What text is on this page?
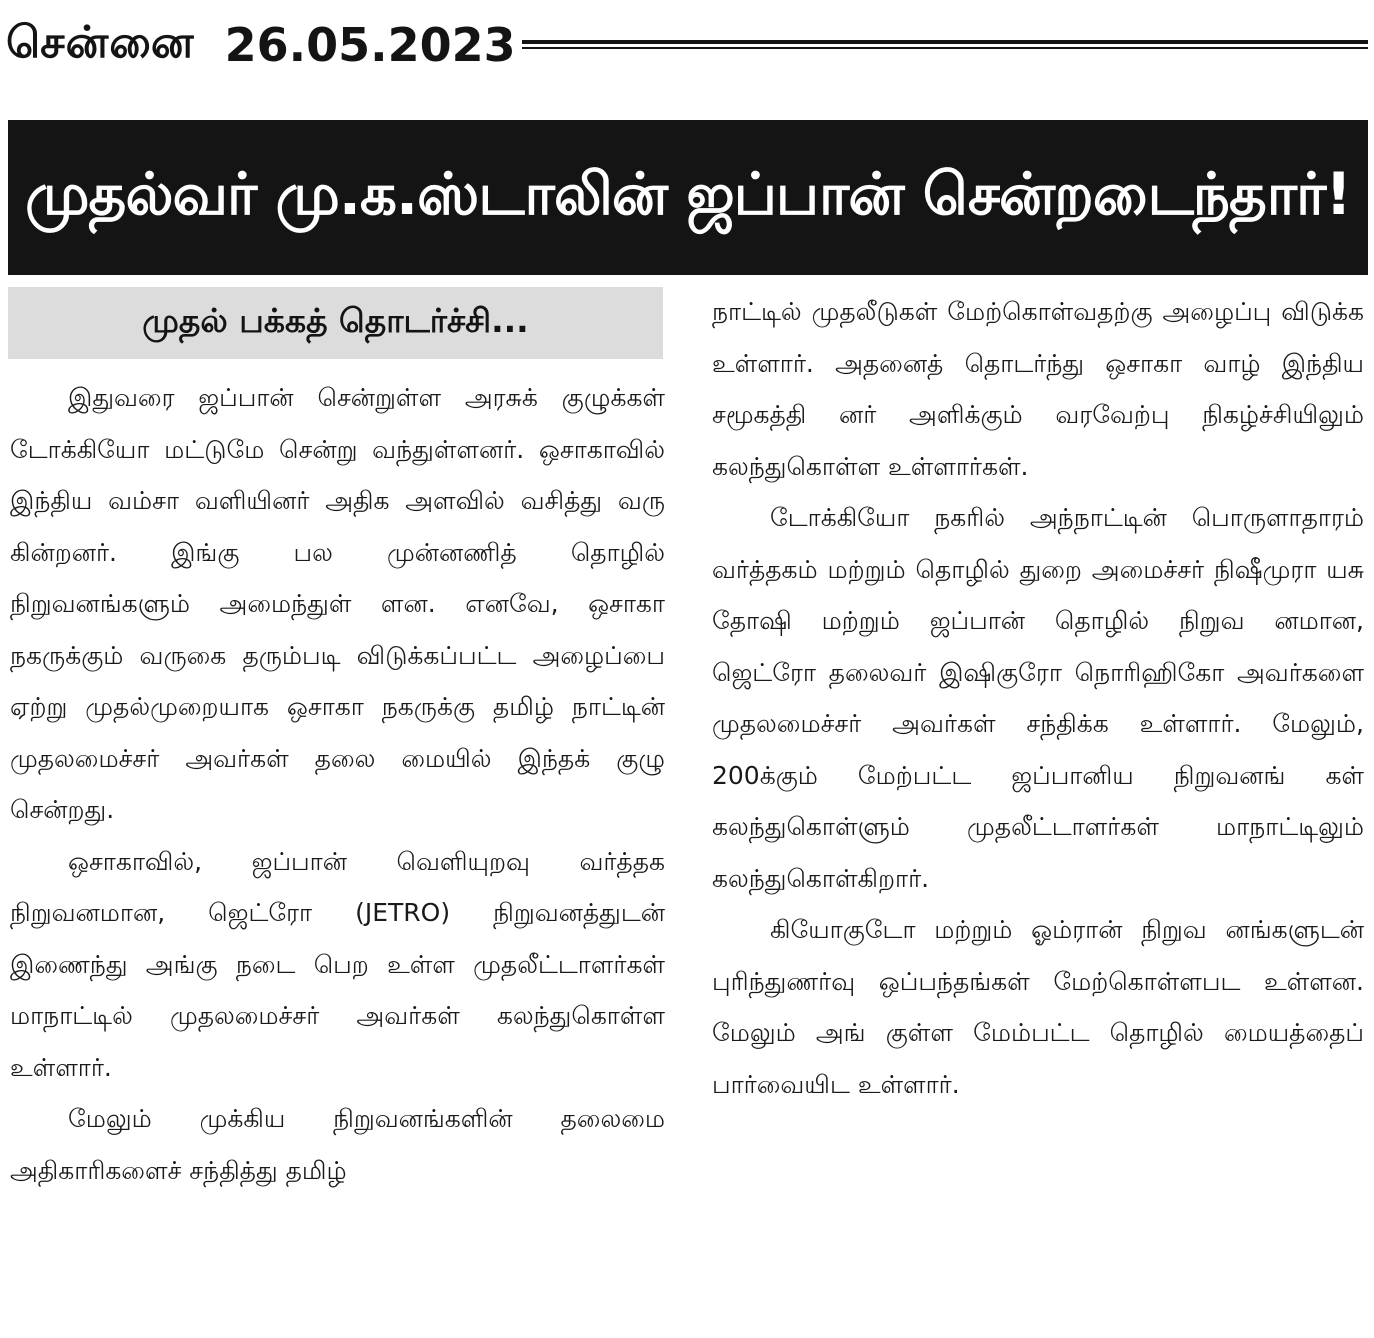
சென்னை 26.05.2023
முதல்வர் மு.க.ஸ்டாலின் ஜப்பான் சென்றடைந்தார்!
முதல் பக்கத் தொடர்ச்சி...

இதுவரை ஜப்பான் சென்றுள்ள அரசுக் குழுக்கள் டோக்கியோ மட்டுமே சென்று வந்துள்ளனர். ஒசாகாவில் இந்திய வம்சா வளியினர் அதிக அளவில் வசித்து வரு கின்றனர். இங்கு பல முன்னணித் தொழில் நிறுவனங்களும் அமைந்துள் ளன. எனவே, ஒசாகா நகருக்கும் வருகை தரும்படி விடுக்கப்பட்ட அழைப்பை ஏற்று முதல்முறையாக ஒசாகா நகருக்கு தமிழ் நாட்டின் முதலமைச்சர் அவர்கள் தலை மையில் இந்தக் குழு சென்றது.

ஒசாகாவில், ஜப்பான் வெளியுறவு வர்த்தக நிறுவனமான, ஜெட்ரோ (JETRO) நிறுவனத்துடன் இணைந்து அங்கு நடை பெற உள்ள முதலீட்டாளர்கள் மாநாட்டில் முதலமைச்சர் அவர்கள் கலந்துகொள்ள உள்ளார்.

மேலும் முக்கிய நிறுவனங்களின் தலைமை அதிகாரிகளைச் சந்தித்து தமிழ்

நாட்டில் முதலீடுகள் மேற்கொள்வதற்கு அழைப்பு விடுக்க உள்ளார். அதனைத் தொடர்ந்து ஒசாகா வாழ் இந்திய சமூகத்தி னர் அளிக்கும் வரவேற்பு நிகழ்ச்சியிலும் கலந்துகொள்ள உள்ளார்கள்.

டோக்கியோ நகரில் அந்நாட்டின் பொருளாதாரம் வர்த்தகம் மற்றும் தொழில் துறை அமைச்சர் நிஷீமுரா யசு தோஷி மற்றும் ஜப்பான் தொழில் நிறுவ னமான, ஜெட்ரோ தலைவர் இஷிகுரோ நொரிஹிகோ அவர்களை முதலமைச்சர் அவர்கள் சந்திக்க உள்ளார். மேலும், 200க்கும் மேற்பட்ட ஜப்பானிய நிறுவனங் கள் கலந்துகொள்ளும் முதலீட்டாளர்கள் மாநாட்டிலும் கலந்துகொள்கிறார்.

கியோகுடோ மற்றும் ஓம்ரான் நிறுவ னங்களுடன் புரிந்துணர்வு ஒப்பந்தங்கள் மேற்கொள்ளபட உள்ளன. மேலும் அங் குள்ள மேம்பட்ட தொழில் மையத்தைப் பார்வையிட உள்ளார்.
